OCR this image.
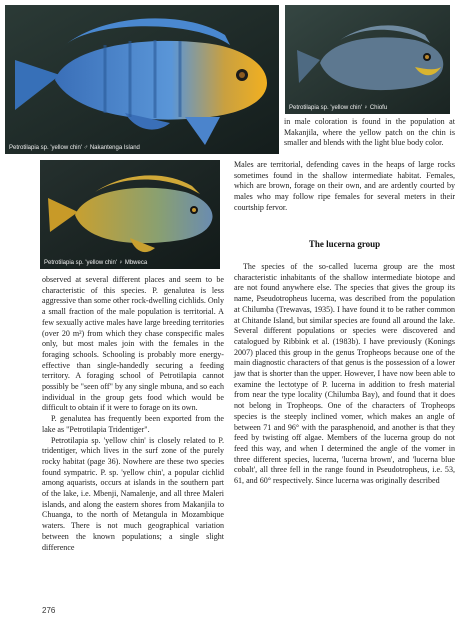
Petrotilapia sp. 'yellow chin' ♂ Nakantenga Island
Petrotilapia sp. 'yellow chin' ♀ Chiofu
Petrotilapia sp. 'yellow chin' ♀ Mbweca

in male coloration is found in the population at Makanjila, where the yellow patch on the chin is smaller and blends with the light blue body color.

Males are territorial, defending caves in the heaps of large rocks sometimes found in the shallow intermediate habitat. Females, which are brown, forage on their own, and are ardently courted by males who may follow ripe females for several meters in their courtship fervor.

The lucerna group

The species of the so-called lucerna group are the most characteristic inhabitants of the shallow intermediate biotope and are not found anywhere else. The species that gives the group its name, Pseudotropheus lucerna, was described from the population at Chilumba (Trewavas, 1935). I have found it to be rather common at Chitande Island, but similar species are found all around the lake. Several different populations or species were discovered and catalogued by Ribbink et al. (1983b). I have previously (Konings 2007) placed this group in the genus Tropheops because one of the main diagnostic characters of that genus is the possession of a lower jaw that is shorter than the upper. However, I have now been able to examine the lectotype of P. lucerna in addition to fresh material from near the type locality (Chilumba Bay), and found that it does not belong in Tropheops. One of the characters of Tropheops species is the steeply inclined vomer, which makes an angle of between 71 and 96° with the parasphenoid, and another is that they feed by twisting off algae. Members of the lucerna group do not feed this way, and when I determined the angle of the vomer in three different species, lucerna, 'lucerna brown', and 'lucerna blue cobalt', all three fell in the range found in Pseudotropheus, i.e. 53, 61, and 60° respectively. Since lucerna was originally described

observed at several different places and seem to be characteristic of this species. P. genalutea is less aggressive than some other rock-dwelling cichlids. Only a small fraction of the male population is territorial. A few sexually active males have large breeding territories (over 20 m²) from which they chase conspecific males only, but most males join with the females in the foraging schools. Schooling is probably more energy-effective than single-handedly securing a feeding territory. A foraging school of Petrotilapia cannot possibly be "seen off" by any single mbuna, and so each individual in the group gets food which would be difficult to obtain if it were to forage on its own.

P. genalutea has frequently been exported from the lake as "Petrotilapia Tridentiger".

Petrotilapia sp. 'yellow chin' is closely related to P. tridentiger, which lives in the surf zone of the purely rocky habitat (page 36). Nowhere are these two species found sympatric. P. sp. 'yellow chin', a popular cichlid among aquarists, occurs at islands in the southern part of the lake, i.e. Mbenji, Namalenje, and all three Maleri islands, and along the eastern shores from Makanjila to Chuanga, to the north of Metangula in Mozambique waters. There is not much geographical variation between the known populations; a single slight difference

276
